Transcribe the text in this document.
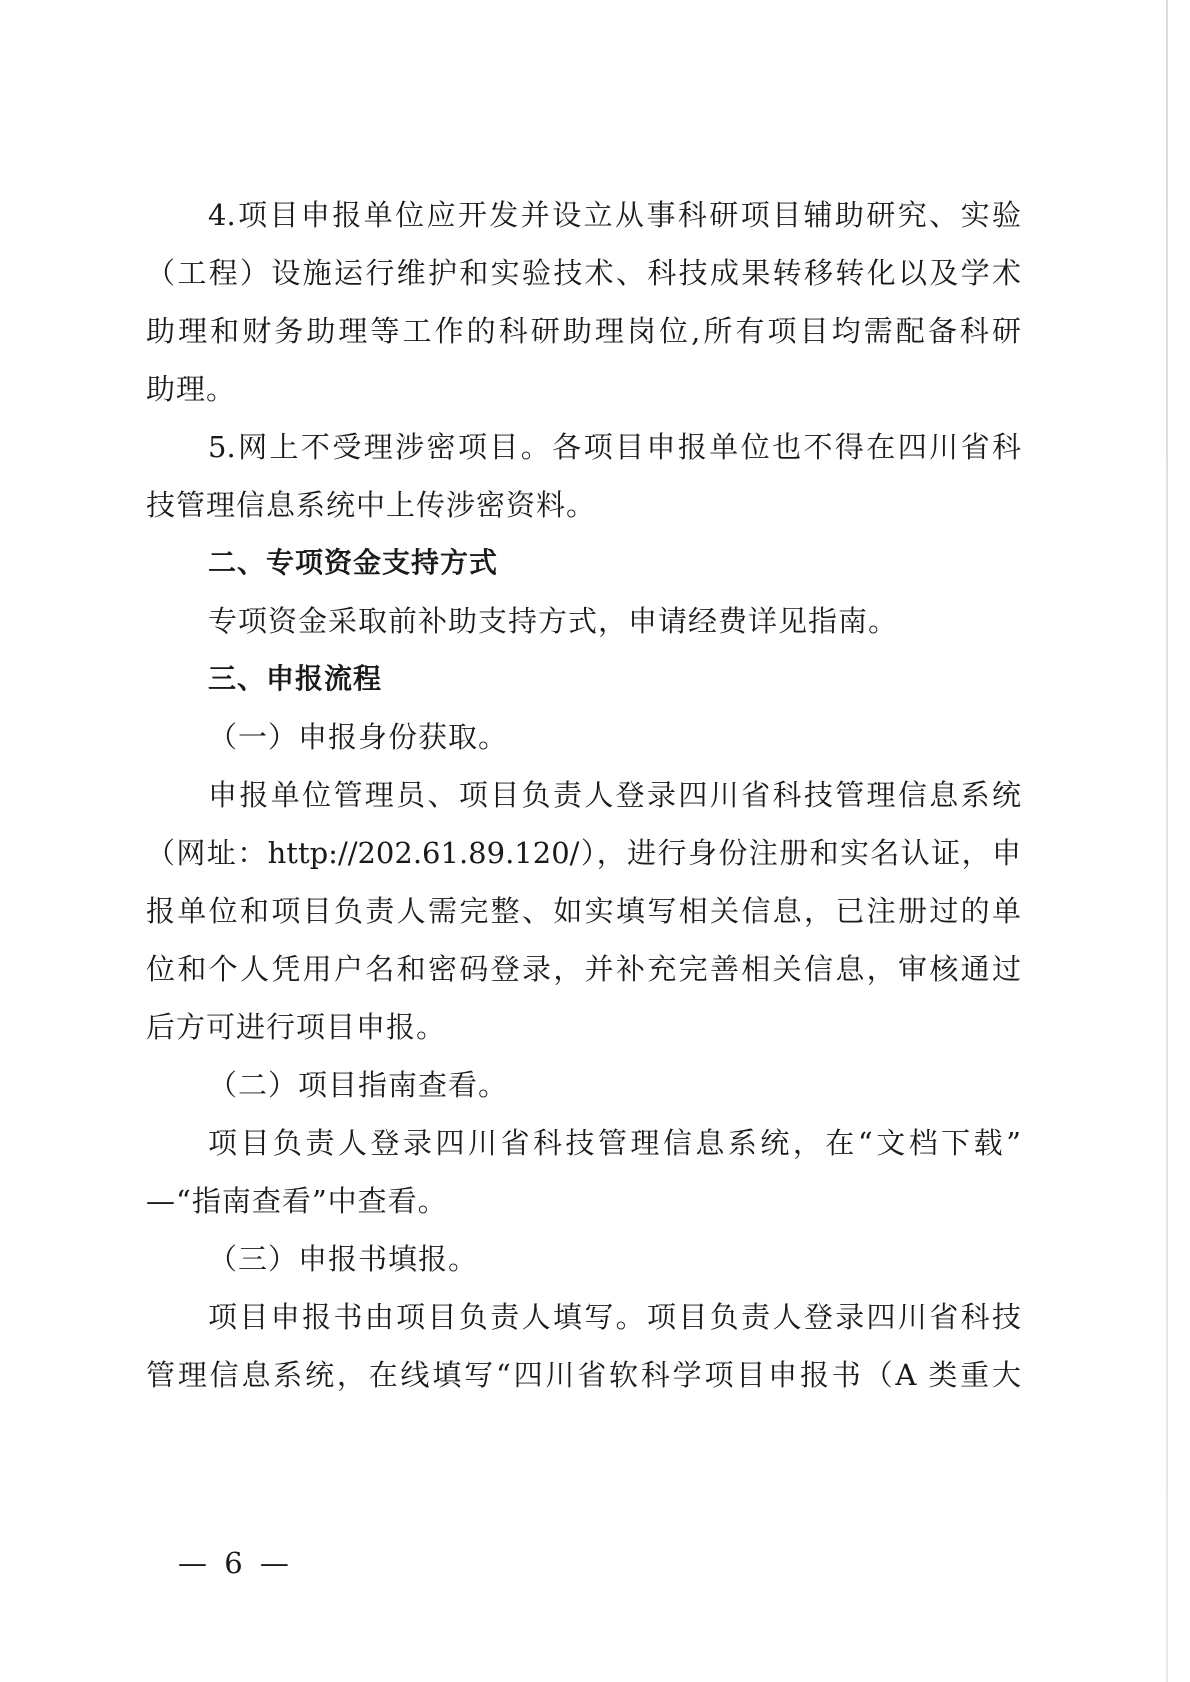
4.项目申报单位应开发并设立从事科研项目辅助研究、实验
（工程）设施运行维护和实验技术、科技成果转移转化以及学术
助理和财务助理等工作的科研助理岗位,所有项目均需配备科研
助理。
5.网上不受理涉密项目。各项目申报单位也不得在四川省科
技管理信息系统中上传涉密资料。
二、专项资金支持方式
专项资金采取前补助支持方式，申请经费详见指南。
三、申报流程
（一）申报身份获取。
申报单位管理员、项目负责人登录四川省科技管理信息系统
（网址：http://202.61.89.120/），进行身份注册和实名认证，申
报单位和项目负责人需完整、如实填写相关信息，已注册过的单
位和个人凭用户名和密码登录，并补充完善相关信息，审核通过
后方可进行项目申报。
（二）项目指南查看。
项目负责人登录四川省科技管理信息系统，在“文档下载”
—“指南查看”中查看。
（三）申报书填报。
项目申报书由项目负责人填写。项目负责人登录四川省科技
管理信息系统，在线填写“四川省软科学项目申报书（A 类重大
— 6 —
